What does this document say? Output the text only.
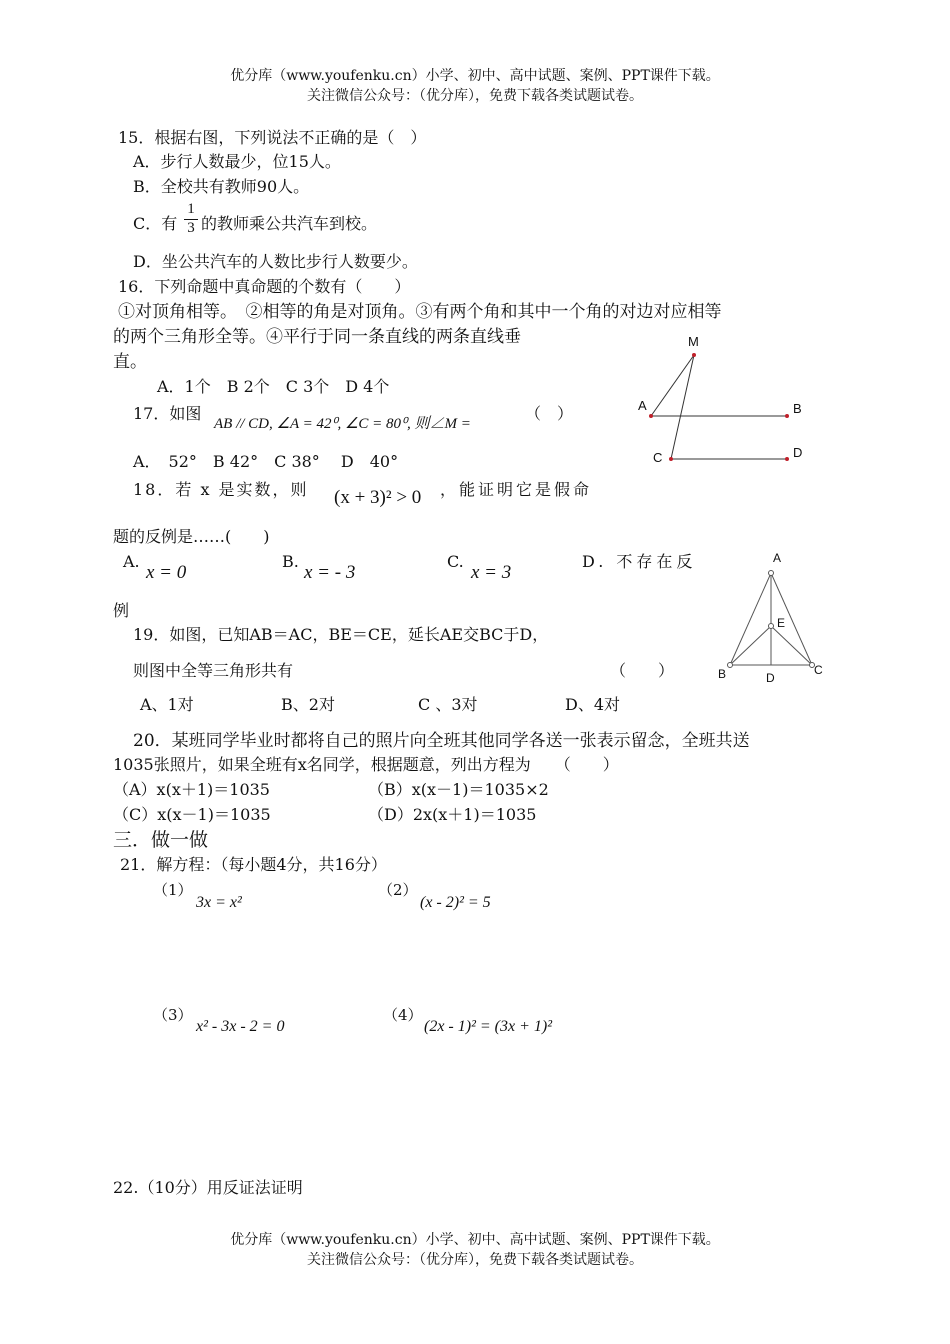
优分库（www.youfenku.cn）小学、初中、高中试题、案例、PPT课件下载。
关注微信公众号：（优分库），免费下载各类试题试卷。
15．根据右图，下列说法不正确的是（　）
A．步行人数最少，位15人。
B．全校共有教师90人。
C．有
1
3 的教师乘公共汽车到校。
D．坐公共汽车的人数比步行人数要少。
16．下列命题中真命题的个数有（　　）
①对顶角相等。　②相等的角是对顶角。③有两个角和其中一个角的对边对应相等
的两个三角形全等。④平行于同一条直线的两条直线垂
直。
A．1个　B 2个　C 3个　D 4个
17．如图
AB // CD, ∠A = 42⁰, ∠C = 80⁰, 则∠M =
（　）
A．　52°　B 42°　C 38°　 D　40°
M
A	B
C	D
18．若 x 是实数，则 (x + 3)² > 0 ，能证明它是假命
题的反例是……(　　)
A.
x = 0
B.
x = - 3
C.
x = 3
D. 不存在反
例
19．如图，已知AB＝AC，BE＝CE，延长AE交BC于D，
则图中全等三角形共有	（　　）
A、1对	B、2对	C 、3对	D、4对
A
E
B	D
C
20．某班同学毕业时都将自己的照片向全班其他同学各送一张表示留念，全班共送
1035张照片，如果全班有x名同学，根据题意，列出方程为　　（　　）
（A）x(x＋1)＝1035	（B）x(x－1)＝1035×2
（C）x(x－1)＝1035	（D）2x(x＋1)＝1035
三．做一做
21．解方程：（每小题4分，共16分）
（1）
3x = x²
（2）
(x - 2)² = 5
（3）
x² - 3x - 2 = 0
（4）
(2x - 1)² = (3x + 1)²
22.（10分）用反证法证明
优分库（www.youfenku.cn）小学、初中、高中试题、案例、PPT课件下载。
关注微信公众号：（优分库），免费下载各类试题试卷。
